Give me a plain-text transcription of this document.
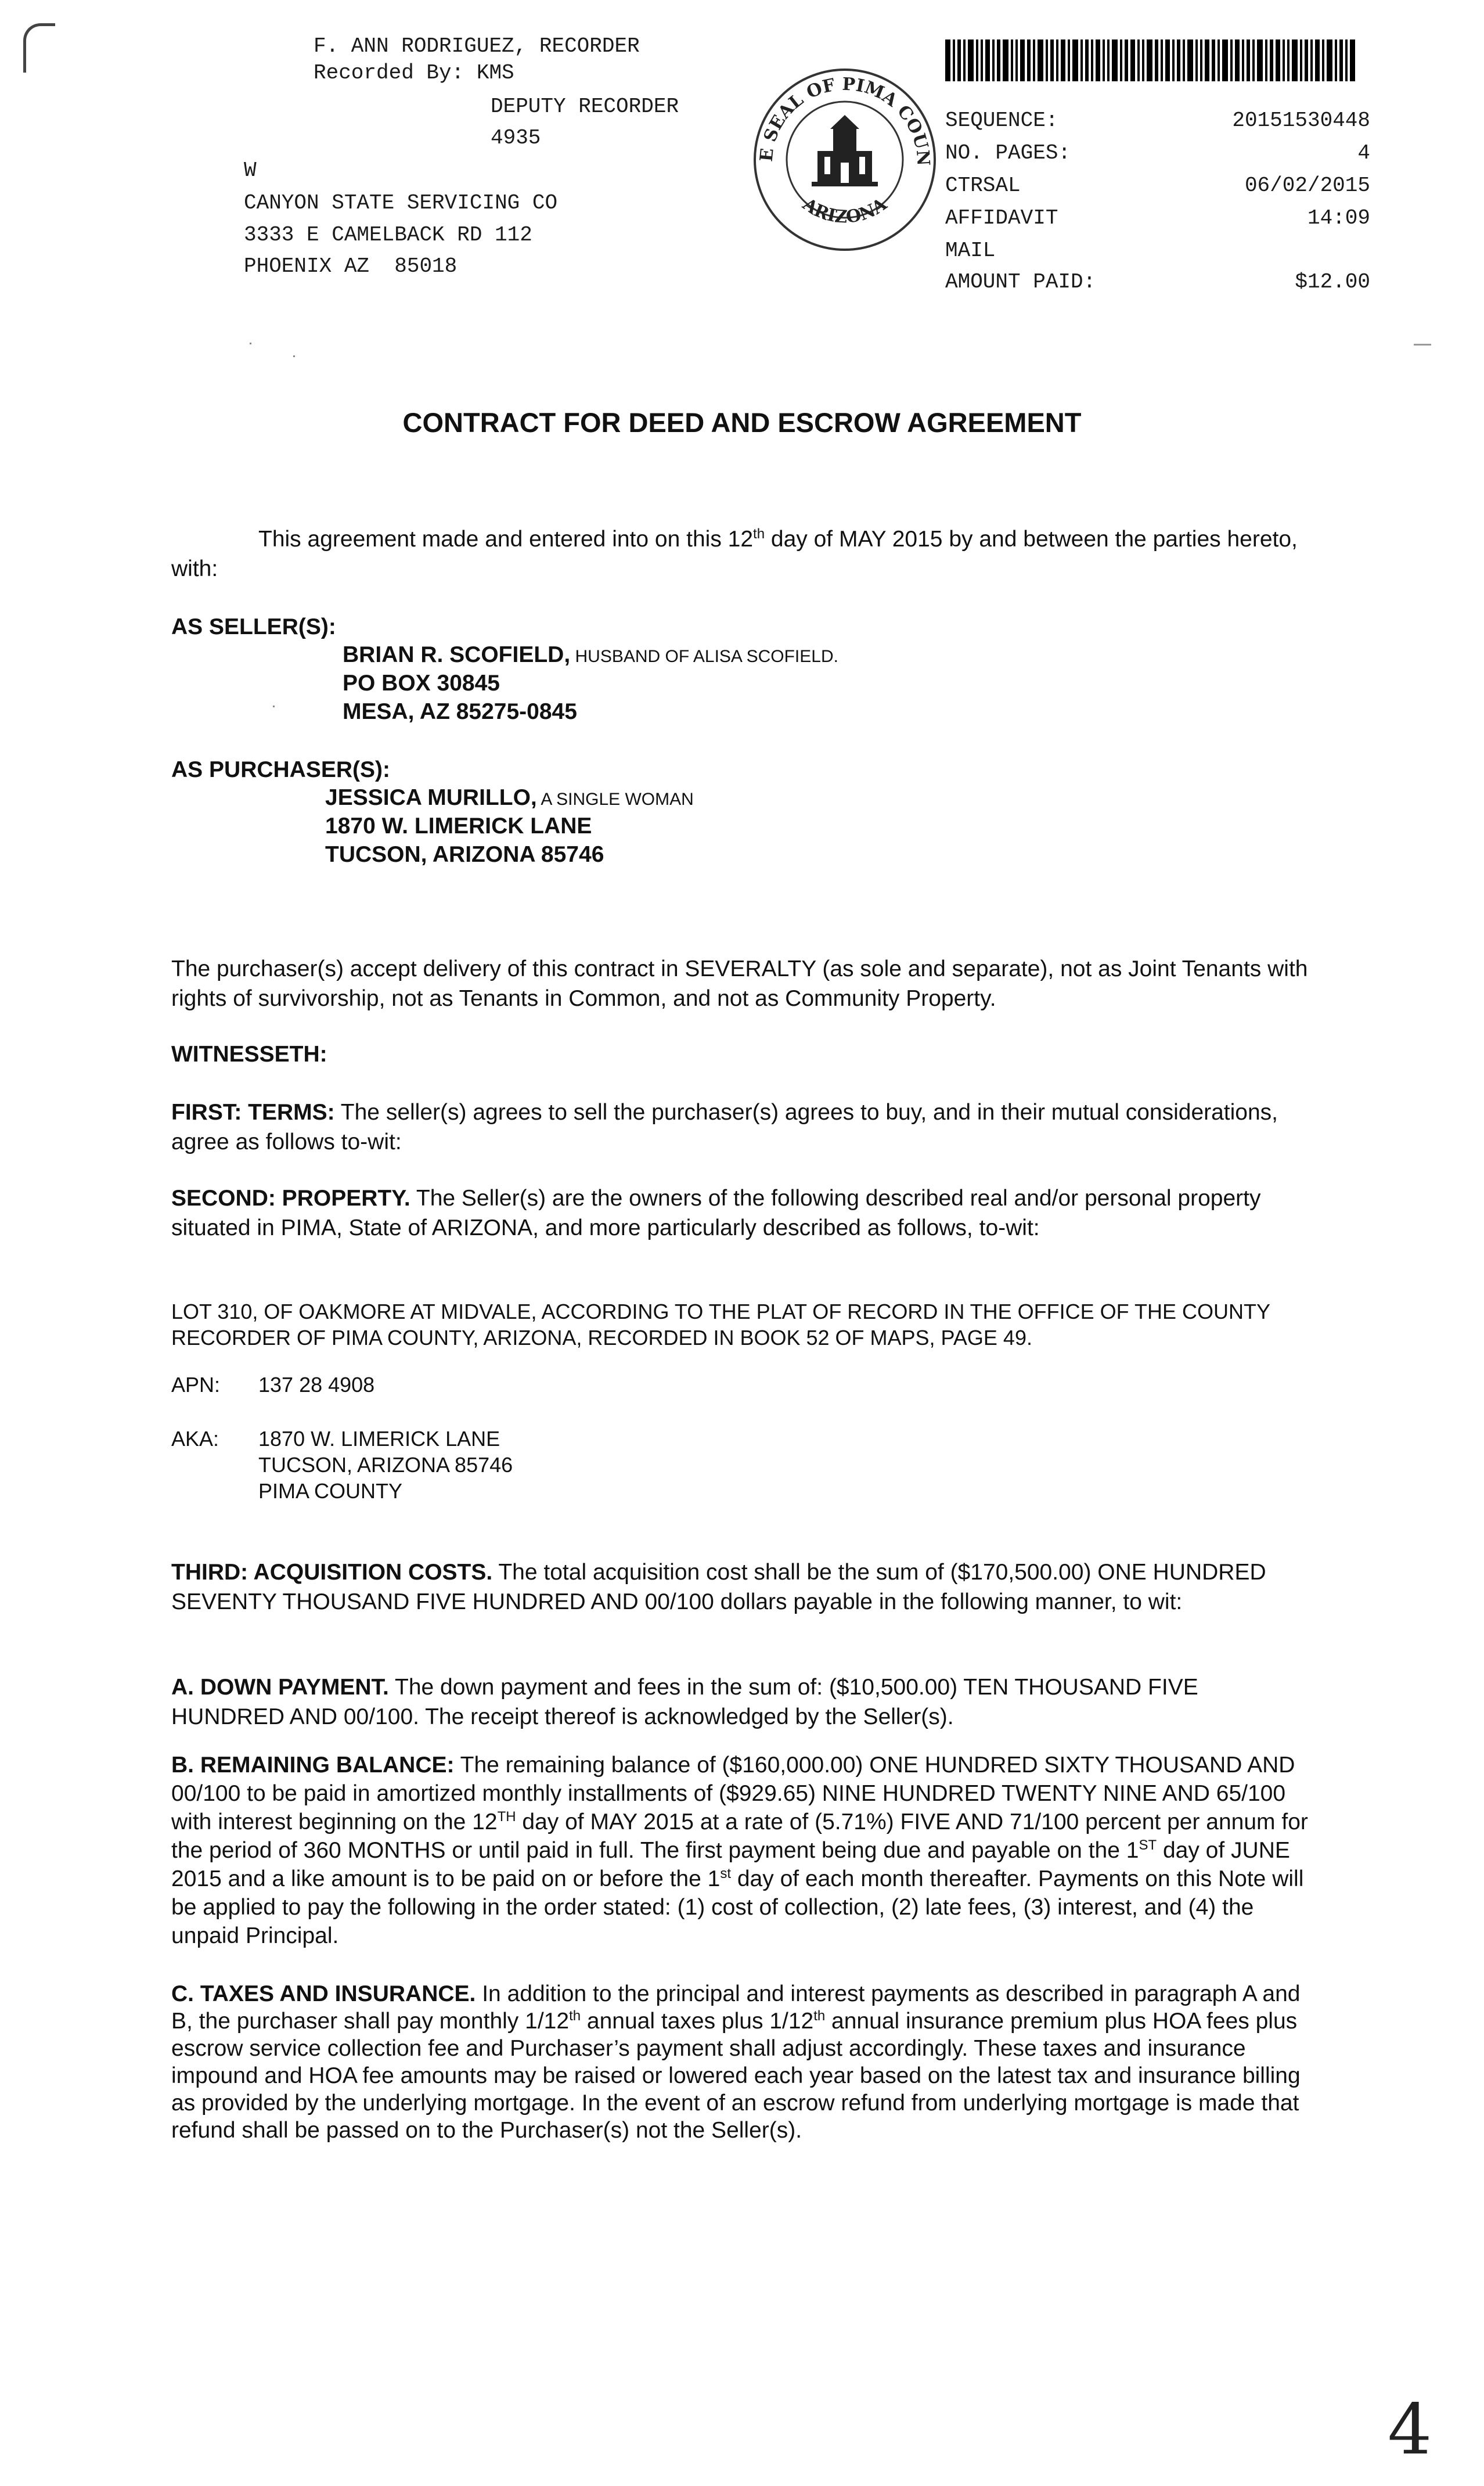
F. ANN RODRIGUEZ, RECORDER
Recorded By: KMS
DEPUTY RECORDER
4935
W
CANYON STATE SERVICING CO
3333 E CAMELBACK RD 112
PHOENIX AZ  85018
E SEAL OF PIMA COUN
ARIZONA
SEQUENCE:	20151530448
NO. PAGES:	4
CTRSAL	06/02/2015
AFFIDAVIT	14:09
MAIL
AMOUNT PAID:	$12.00
CONTRACT FOR DEED AND ESCROW AGREEMENT
This agreement made and entered into on this 12th day of MAY 2015 by and between the parties hereto, with:
AS SELLER(S):
BRIAN R. SCOFIELD, HUSBAND OF ALISA SCOFIELD.
PO BOX 30845
MESA, AZ 85275-0845
AS PURCHASER(S):
JESSICA MURILLO, A SINGLE WOMAN
1870 W. LIMERICK LANE
TUCSON, ARIZONA 85746
The purchaser(s) accept delivery of this contract in SEVERALTY (as sole and separate), not as Joint Tenants with rights of survivorship, not as Tenants in Common, and not as Community Property.
WITNESSETH:
FIRST: TERMS: The seller(s) agrees to sell the purchaser(s) agrees to buy, and in their mutual considerations, agree as follows to-wit:
SECOND: PROPERTY. The Seller(s) are the owners of the following described real and/or personal property situated in PIMA, State of ARIZONA, and more particularly described as follows, to-wit:
LOT 310, OF OAKMORE AT MIDVALE, ACCORDING TO THE PLAT OF RECORD IN THE OFFICE OF THE COUNTY RECORDER OF PIMA COUNTY, ARIZONA, RECORDED IN BOOK 52 OF MAPS, PAGE 49.
APN:	137 28 4908
AKA:	1870 W. LIMERICK LANE
TUCSON, ARIZONA 85746
PIMA COUNTY
THIRD: ACQUISITION COSTS. The total acquisition cost shall be the sum of ($170,500.00) ONE HUNDRED SEVENTY THOUSAND FIVE HUNDRED AND 00/100 dollars payable in the following manner, to wit:
A. DOWN PAYMENT. The down payment and fees in the sum of: ($10,500.00) TEN THOUSAND FIVE HUNDRED AND 00/100. The receipt thereof is acknowledged by the Seller(s).
B. REMAINING BALANCE: The remaining balance of ($160,000.00) ONE HUNDRED SIXTY THOUSAND AND 00/100 to be paid in amortized monthly installments of ($929.65) NINE HUNDRED TWENTY NINE AND 65/100 with interest beginning on the 12TH day of MAY 2015 at a rate of (5.71%) FIVE AND 71/100 percent per annum for the period of 360 MONTHS or until paid in full. The first payment being due and payable on the 1ST day of JUNE 2015 and a like amount is to be paid on or before the 1st day of each month thereafter. Payments on this Note will be applied to pay the following in the order stated: (1) cost of collection, (2) late fees, (3) interest, and (4) the unpaid Principal.
C. TAXES AND INSURANCE. In addition to the principal and interest payments as described in paragraph A and B, the purchaser shall pay monthly 1/12th annual taxes plus 1/12th annual insurance premium plus HOA fees plus escrow service collection fee and Purchaser’s payment shall adjust accordingly. These taxes and insurance impound and HOA fee amounts may be raised or lowered each year based on the latest tax and insurance billing as provided by the underlying mortgage. In the event of an escrow refund from underlying mortgage is made that refund shall be passed on to the Purchaser(s) not the Seller(s).
4
